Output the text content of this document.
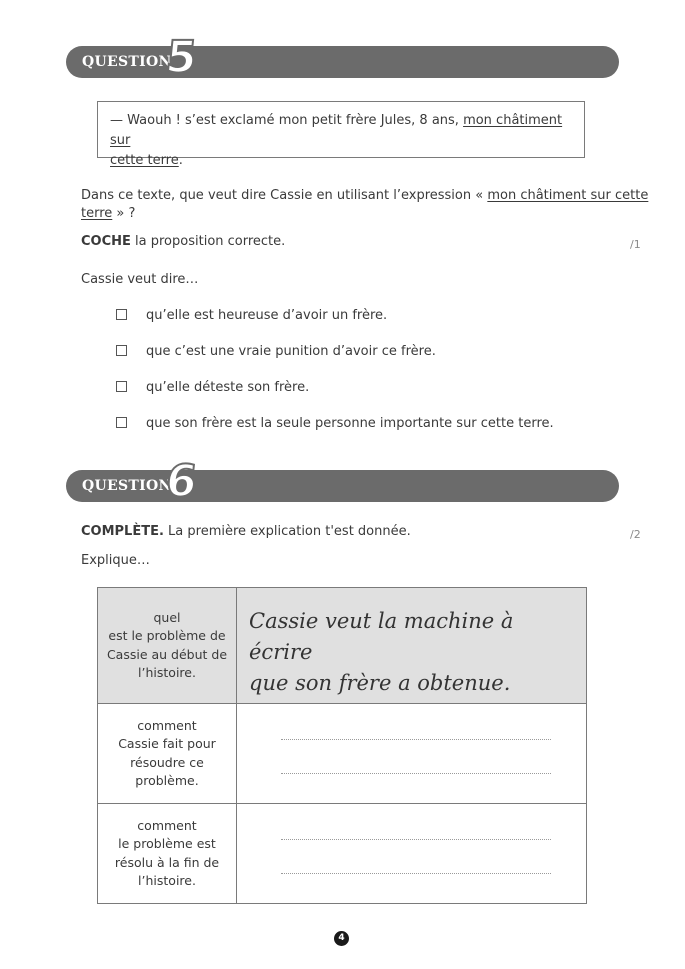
QUESTION
5
— Waouh ! s’est exclamé mon petit frère Jules, 8 ans, mon châtiment sur
cette terre.
Dans ce texte, que veut dire Cassie en utilisant l’expression « mon châtiment sur cette
terre » ?
COCHE la proposition correcte.	/1
Cassie veut dire…
qu’elle est heureuse d’avoir un frère.
que c’est une vraie punition d’avoir ce frère.
qu’elle déteste son frère.
que son frère est la seule personne importante sur cette terre.
QUESTION
6
COMPLÈTE. La première explication t'est donnée.	/2
Explique…
quel
est le problème de
Cassie au début de
l’histoire.	Cassie veut la machine à écrire
que son frère a obtenue.
comment
Cassie fait pour
résoudre ce
problème.	

comment
le problème est
résolu à la fin de
l’histoire.	
4
